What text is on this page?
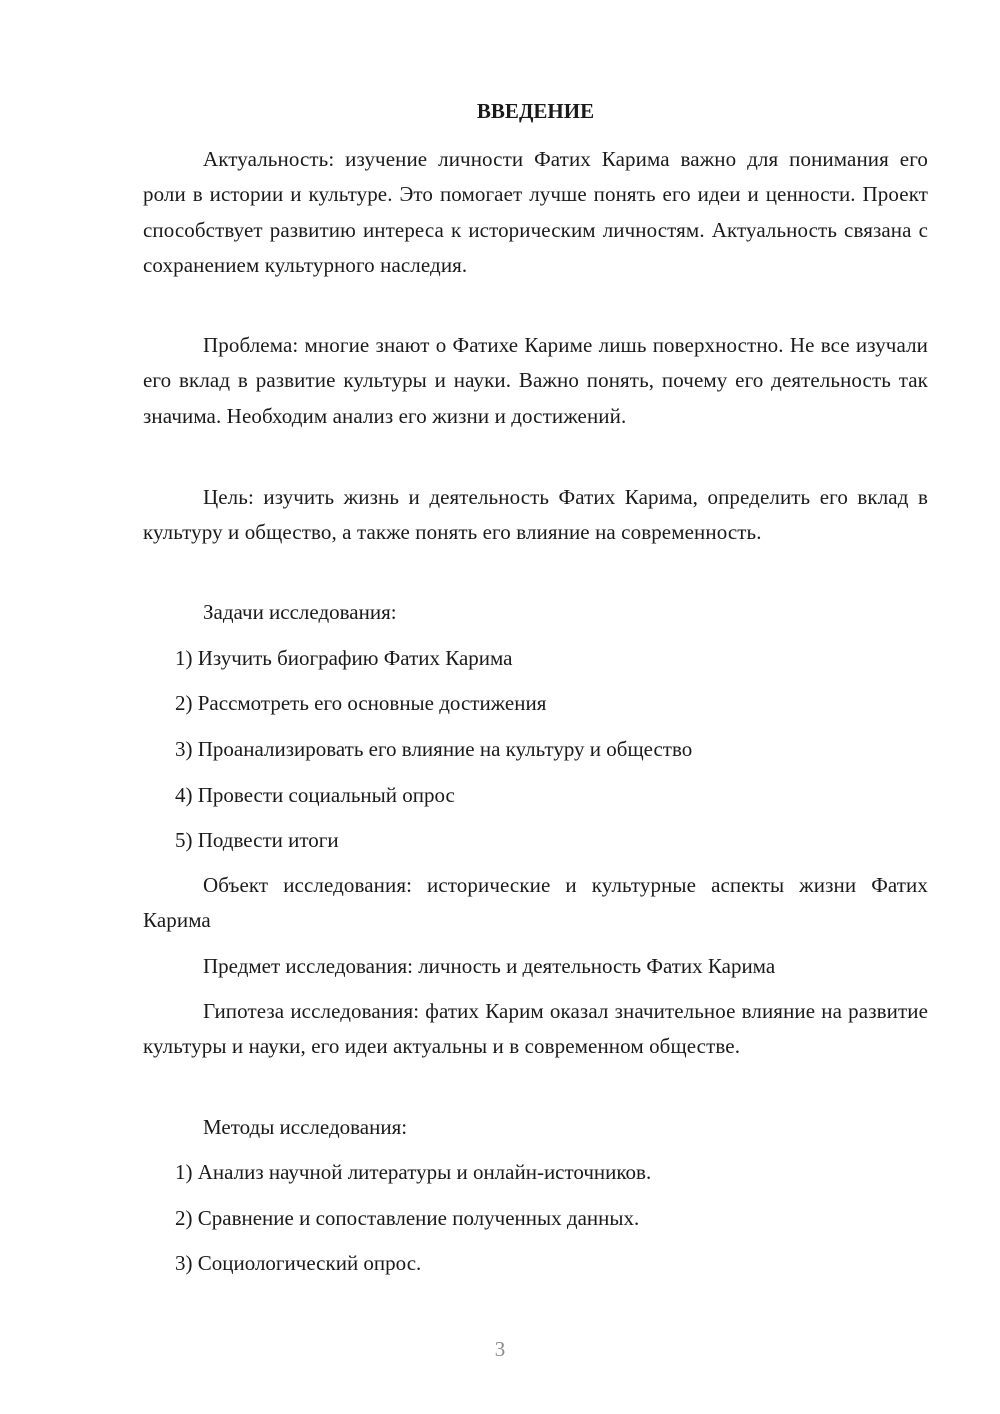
ВВЕДЕНИЕ

Актуальность: изучение личности Фатих Карима важно для понимания его роли в истории и культуре. Это помогает лучше понять его идеи и ценности. Проект способствует развитию интереса к историческим личностям. Актуальность связана с сохранением культурного наследия.

Проблема: многие знают о Фатихе Кариме лишь поверхностно. Не все изучали его вклад в развитие культуры и науки. Важно понять, почему его деятельность так значима. Необходим анализ его жизни и достижений.

Цель: изучить жизнь и деятельность Фатих Карима, определить его вклад в культуру и общество, а также понять его влияние на современность.

Задачи исследования:

1) Изучить биографию Фатих Карима

2) Рассмотреть его основные достижения

3) Проанализировать его влияние на культуру и общество

4) Провести социальный опрос

5) Подвести итоги

Объект исследования: исторические и культурные аспекты жизни Фатих Карима

Предмет исследования: личность и деятельность Фатих Карима

Гипотеза исследования: фатих Карим оказал значительное влияние на развитие культуры и науки, его идеи актуальны и в современном обществе.

Методы исследования:

1) Анализ научной литературы и онлайн-источников.

2) Сравнение и сопоставление полученных данных.

3) Социологический опрос.

3
